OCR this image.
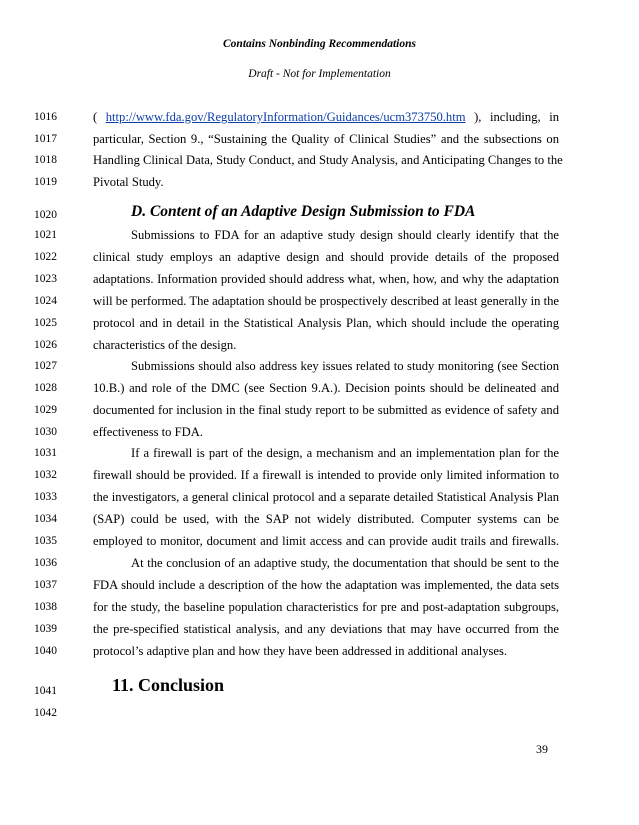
Contains Nonbinding Recommendations
Draft - Not for Implementation
1016	( http://www.fda.gov/RegulatoryInformation/Guidances/ucm373750.htm ), including, in
1017	particular, Section 9., “Sustaining the Quality of Clinical Studies” and the subsections on
1018	Handling Clinical Data, Study Conduct, and Study Analysis, and Anticipating Changes to the
1019	Pivotal Study.
1020	D. Content of an Adaptive Design Submission to FDA
1021	Submissions to FDA for an adaptive study design should clearly identify that the
1022	clinical study employs an adaptive design and should provide details of the proposed
1023	adaptations. Information provided should address what, when, how, and why the adaptation
1024	will be performed. The adaptation should be prospectively described at least generally in the
1025	protocol and in detail in the Statistical Analysis Plan, which should include the operating
1026	characteristics of the design.
1027	Submissions should also address key issues related to study monitoring (see Section
1028	10.B.) and role of the DMC (see Section 9.A.). Decision points should be delineated and
1029	documented for inclusion in the final study report to be submitted as evidence of safety and
1030	effectiveness to FDA.
1031	If a firewall is part of the design, a mechanism and an implementation plan for the
1032	firewall should be provided. If a firewall is intended to provide only limited information to
1033	the investigators, a general clinical protocol and a separate detailed Statistical Analysis Plan
1034	(SAP) could be used, with the SAP not widely distributed. Computer systems can be
1035	employed to monitor, document and limit access and can provide audit trails and firewalls.
1036	At the conclusion of an adaptive study, the documentation that should be sent to the
1037	FDA should include a description of the how the adaptation was implemented, the data sets
1038	for the study, the baseline population characteristics for pre and post-adaptation subgroups,
1039	the pre-specified statistical analysis, and any deviations that may have occurred from the
1040	protocol’s adaptive plan and how they have been addressed in additional analyses.
1041	11. Conclusion
1042
39
